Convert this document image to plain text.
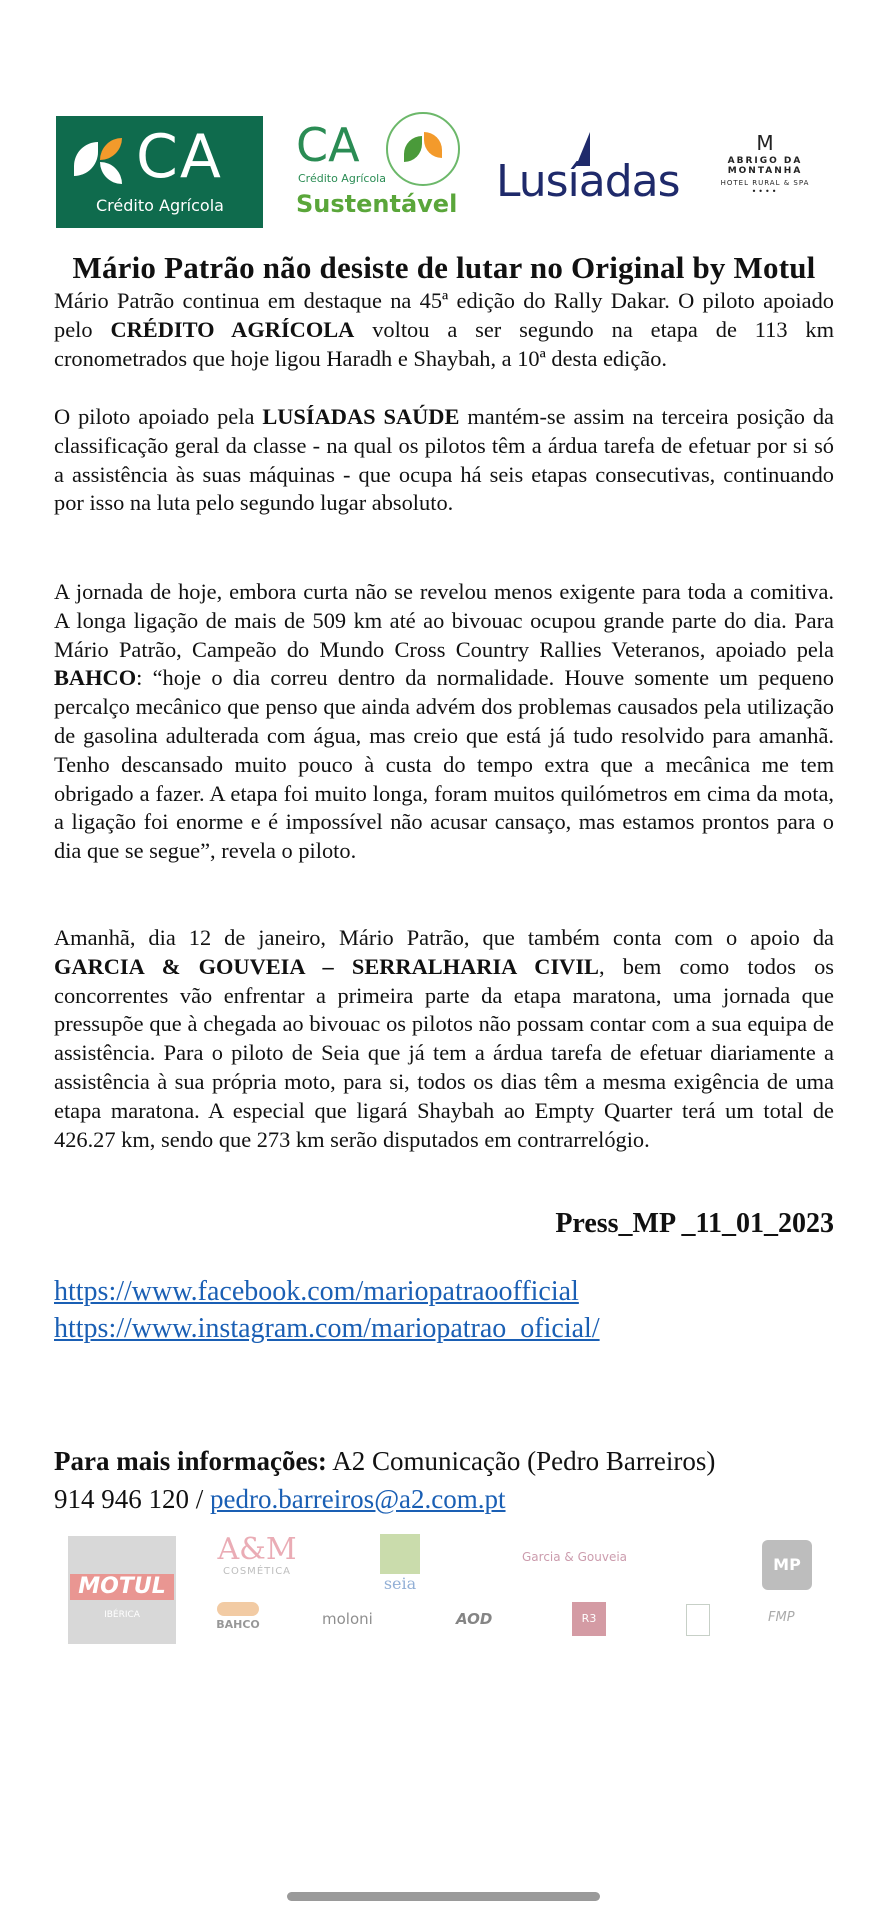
CA
Crédito Agrícola
CA
Crédito Agrícola
Sustentável Lusíadas
M
ABRIGO DA MONTANHA
HOTEL RURAL & SPA
••••
Mário Patrão não desiste de lutar no Original by Motul

Mário Patrão continua em destaque na 45ª edição do Rally Dakar. O piloto apoiado pelo CRÉDITO AGRÍCOLA voltou a ser segundo na etapa de 113 km cronometrados que hoje ligou Haradh e Shaybah, a 10ª desta edição.

O piloto apoiado pela LUSÍADAS SAÚDE mantém-se assim na terceira posição da classificação geral da classe - na qual os pilotos têm a árdua tarefa de efetuar por si só a assistência às suas máquinas - que ocupa há seis etapas consecutivas, continuando por isso na luta pelo segundo lugar absoluto.

A jornada de hoje, embora curta não se revelou menos exigente para toda a comitiva. A longa ligação de mais de 509 km até ao bivouac ocupou grande parte do dia. Para Mário Patrão, Campeão do Mundo Cross Country Rallies Veteranos, apoiado pela BAHCO: “hoje o dia correu dentro da normalidade. Houve somente um pequeno percalço mecânico que penso que ainda advém dos problemas causados pela utilização de gasolina adulterada com água, mas creio que está já tudo resolvido para amanhã. Tenho descansado muito pouco à custa do tempo extra que a mecânica me tem obrigado a fazer. A etapa foi muito longa, foram muitos quilómetros em cima da mota, a ligação foi enorme e é impossível não acusar cansaço, mas estamos prontos para o dia que se segue”, revela o piloto.

Amanhã, dia 12 de janeiro, Mário Patrão, que também conta com o apoio da GARCIA & GOUVEIA – SERRALHARIA CIVIL, bem como todos os concorrentes vão enfrentar a primeira parte da etapa maratona, uma jornada que pressupõe que à chegada ao bivouac os pilotos não possam contar com a sua equipa de assistência. Para o piloto de Seia que já tem a árdua tarefa de efetuar diariamente a assistência à sua própria moto, para si, todos os dias têm a mesma exigência de uma etapa maratona. A especial que ligará Shaybah ao Empty Quarter terá um total de 426.27 km, sendo que 273 km serão disputados em contrarrelógio.

Press_MP _11_01_2023

https://www.facebook.com/mariopatraoofficial
https://www.instagram.com/mariopatrao_oficial/

Para mais informações: A2 Comunicação (Pedro Barreiros)
914 946 120 / pedro.barreiros@a2.com.pt

MOTUL
IBÉRICA
A&M
COSMÉTICA
seia
Garcia & Gouveia	MP
BAHCO	moloni	AOD	R3	FMP
